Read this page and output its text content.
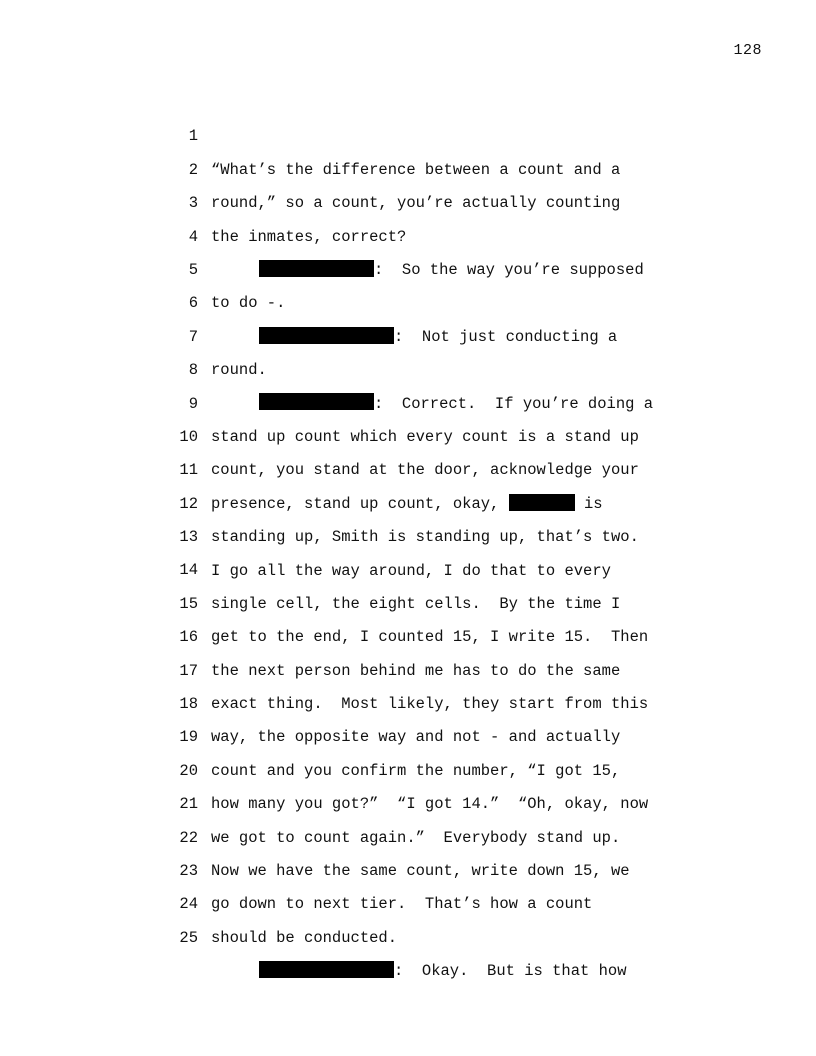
128

1

“What’s the difference between a count and a

2

round,” so a count, you’re actually counting

3

the inmates, correct?

4

:  So the way you’re supposed

5

to do -.

6

:  Not just conducting a

7

round.

8

:  Correct.  If you’re doing a

9

stand up count which every count is a stand up

10

count, you stand at the door, acknowledge your

11

presence, stand up count, okay,	is

12

standing up, Smith is standing up, that’s two.

13

I go all the way around, I do that to every

14

single cell, the eight cells.  By the time I

15

get to the end, I counted 15, I write 15.  Then

16

the next person behind me has to do the same

17

exact thing.  Most likely, they start from this

18

way, the opposite way and not - and actually

19

count and you confirm the number, “I got 15,

20

how many you got?”  “I got 14.”  “Oh, okay, now

21

we got to count again.”  Everybody stand up.

22

Now we have the same count, write down 15, we

23

go down to next tier.  That’s how a count

24

should be conducted.

25

:  Okay.  But is that how
